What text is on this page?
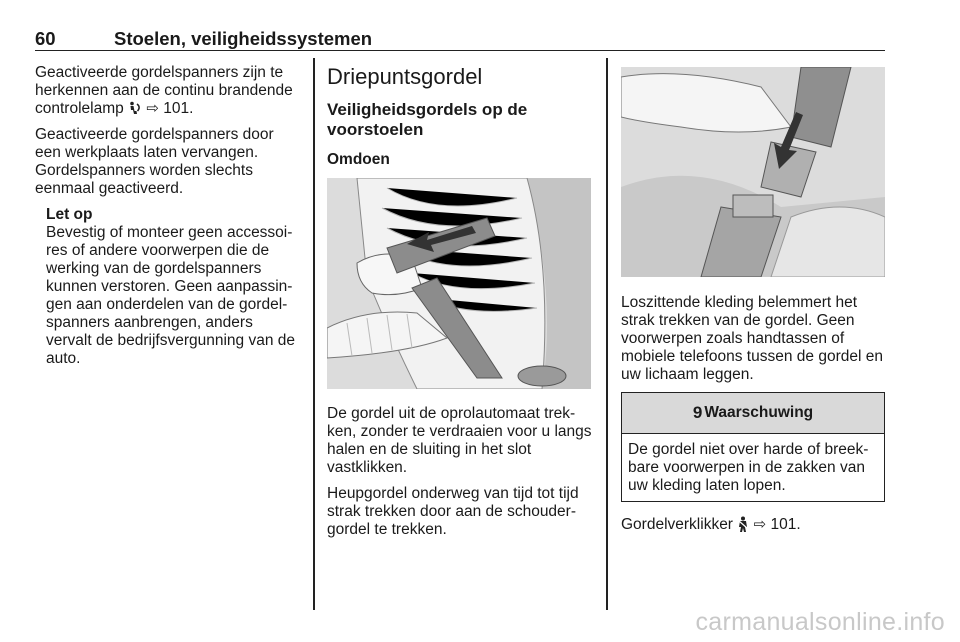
60	Stoelen, veiligheidssystemen

Geactiveerde gordelspanners zijn te herkennen aan de continu brandende controlelamp  ⇨ 101.

Geactiveerde gordelspanners door een werkplaats laten vervangen. Gordelspanners worden slechts eenmaal geactiveerd.

Let op
Bevestig of monteer geen accessoires of andere voorwerpen die de werking van de gordelspanners kunnen verstoren. Geen aanpassingen aan onderdelen van de gordelspanners aanbrengen, anders vervalt de bedrijfsvergunning van de auto.
Driepuntsgordel
Veiligheidsgordels op de voorstoelen
Omdoen

De gordel uit de oprolautomaat trekken, zonder te verdraaien voor u langs halen en de sluiting in het slot vastklikken.

Heupgordel onderweg van tijd tot tijd strak trekken door aan de schoudergordel te trekken.

Loszittende kleding belemmert het strak trekken van de gordel. Geen voorwerpen zoals handtassen of mobiele telefoons tussen de gordel en uw lichaam leggen.

9 Waarschuwing
De gordel niet over harde of breekbare voorwerpen in de zakken van uw kleding laten lopen.

Gordelverklikker  ⇨ 101.

carmanualsonline.info
